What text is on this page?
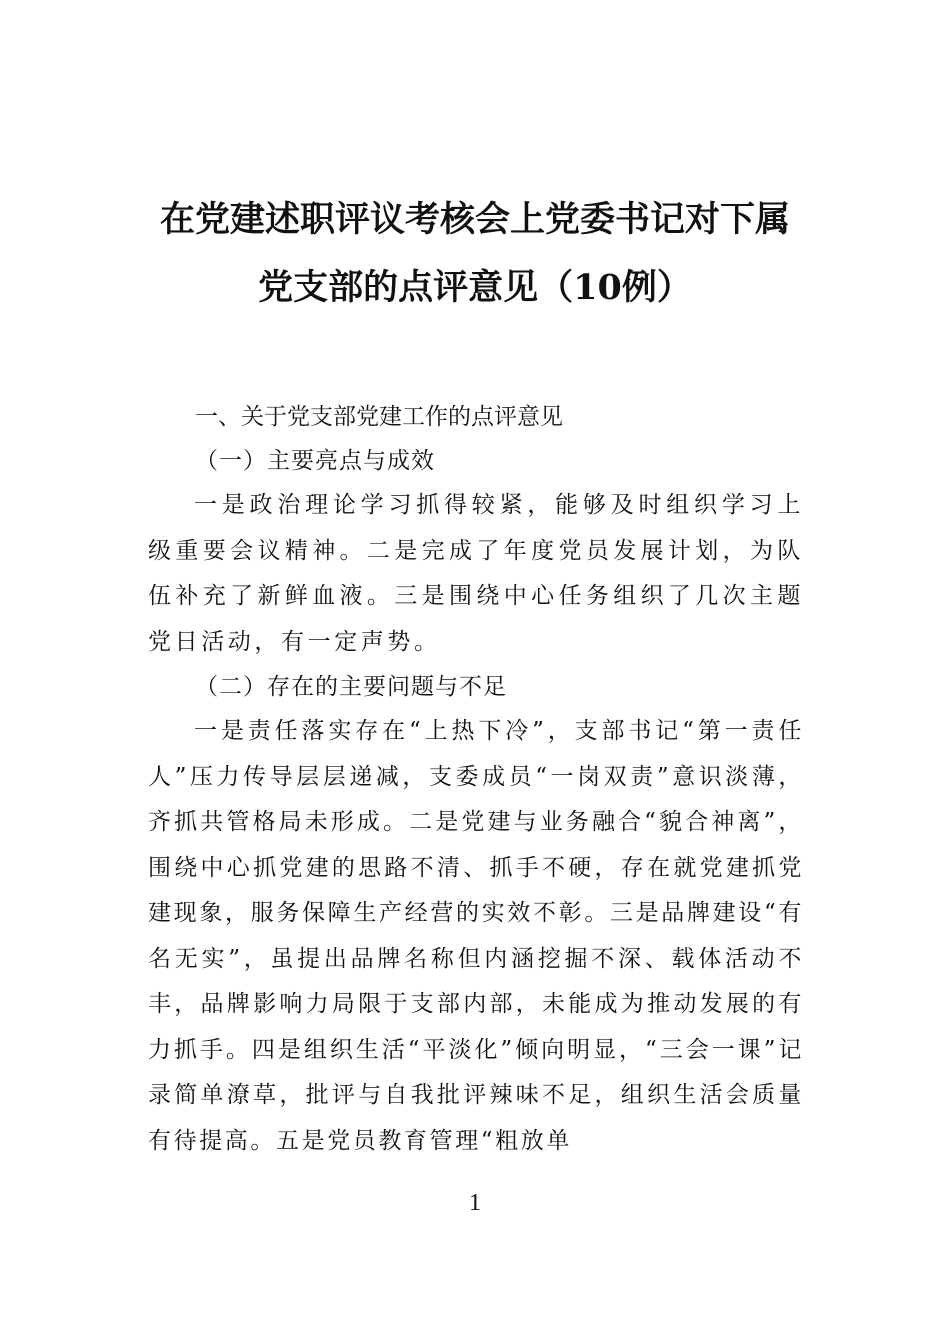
在党建述职评议考核会上党委书记对下属
党支部的点评意见（10例）
一、关于党支部党建工作的点评意见
（一）主要亮点与成效

一是政治理论学习抓得较紧，能够及时组织学习上级重要会议精神。二是完成了年度党员发展计划，为队伍补充了新鲜血液。三是围绕中心任务组织了几次主题党日活动，有一定声势。

（二）存在的主要问题与不足

一是责任落实存在“上热下冷”，支部书记“第一责任人”压力传导层层递减，支委成员“一岗双责”意识淡薄，齐抓共管格局未形成。二是党建与业务融合“貌合神离”，围绕中心抓党建的思路不清、抓手不硬，存在就党建抓党建现象，服务保障生产经营的实效不彰。三是品牌建设“有名无实”，虽提出品牌名称但内涵挖掘不深、载体活动不丰，品牌影响力局限于支部内部，未能成为推动发展的有力抓手。四是组织生活“平淡化”倾向明显，“三会一课”记录简单潦草，批评与自我批评辣味不足，组织生活会质量有待提高。五是党员教育管理“粗放单

1
